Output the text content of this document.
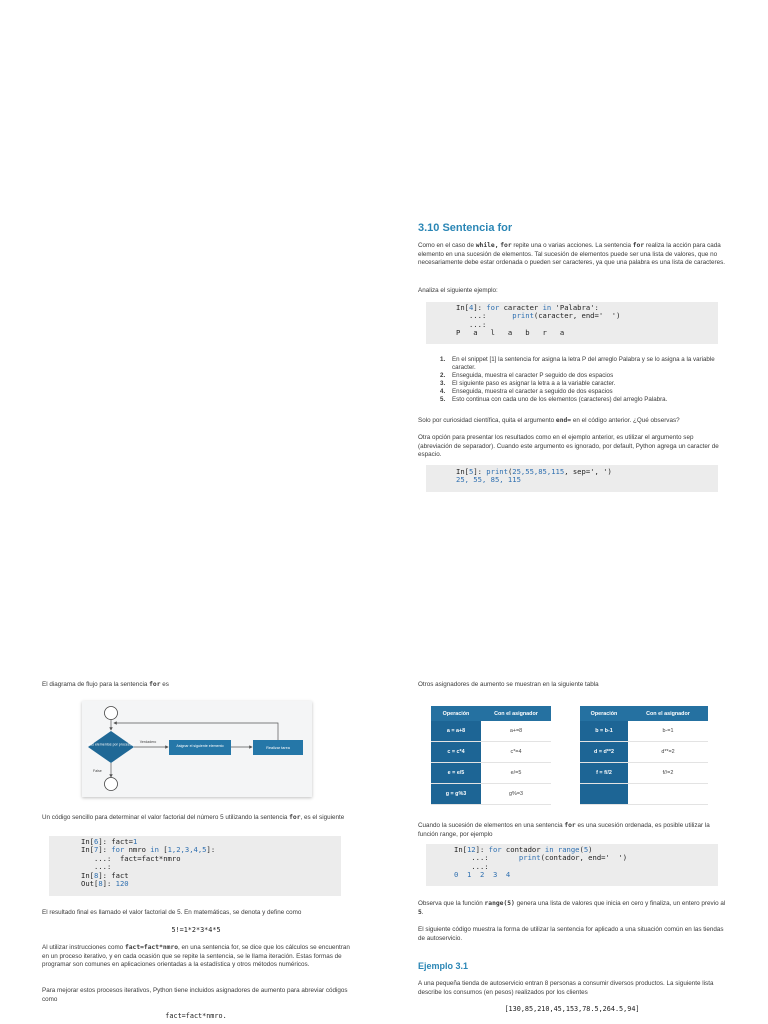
3.10 Sentencia for

Como en el caso de while, for repite una o varias acciones. La sentencia for realiza la acción para cada elemento en una sucesión de elementos. Tal sucesión de elementos puede ser una lista de valores, que no necesariamente debe estar ordenada o pueden ser caracteres, ya que una palabra es una lista de caracteres.

Analiza el siguiente ejemplo:

In[4]: for caracter in 'Palabra':
...:      print(caracter, end='  ')
...:
P   a   l   a   b   r   a
1. En el snippet [1] la sentencia for asigna la letra P del arreglo Palabra y se lo asigna a la variable caracter.
2. Enseguida, muestra el caracter P seguido de dos espacios
3. El siguiente paso es asignar la letra a a la variable caracter.
4. Enseguida, muestra el caracter a seguido de dos espacios
5. Esto continua con cada uno de los elementos (caracteres) del arreglo Palabra.

Solo por curiosidad científica, quita el argumento end= en el código anterior. ¿Qué observas?

Otra opción para presentar los resultados como en el ejemplo anterior, es utilizar el argumento sep (abreviación de separador). Cuando este argumento es ignorado, por default, Python agrega un caracter de espacio.

In[5]: print(25,55,85,115, sep=', ')
25, 55, 85, 115

El diagrama de flujo para la sentencia for es

Más elementos por procesar?
Verdadero
Asignar el siguiente elemento	Realizar tarea
False

Un código sencillo para determinar el valor factorial del número 5 utilizando la sentencia for, es el siguiente

In[6]: fact=1
In[7]: for nmro in [1,2,3,4,5]:
...:  fact=fact*nmro
...:
In[8]: fact
Out[8]: 120

El resultado final es llamado el valor factorial de 5. En matemáticas, se denota y define como

5!=1*2*3*4*5

Al utilizar instrucciones como fact=fact*nmro, en una sentencia for, se dice que los cálculos se encuentran en un proceso iterativo, y en cada ocasión que se repite la sentencia, se le llama iteración. Estas formas de programar son comunes en aplicaciones orientadas a la estadística y otros métodos numéricos.

Para mejorar estos procesos iterativos, Python tiene incluidos asignadores de aumento para abreviar códigos como

fact=fact*nmro.

Otros asignadores de aumento se muestran en la siguiente tabla

Operación	Con el asignador
a = a+8	a+=8
c = c*4	c*=4
e = e/5	e/=5
g = g%3	g%=3
Operación	Con el asignador
b = b-1	b-=1
d = d**2	d**=2
f = f//2	f//=2

Cuando la sucesión de elementos en una sentencia for es una sucesión ordenada, es posible utilizar la función range, por ejemplo

In[12]: for contador in range(5)
...:       print(contador, end='  ')
...:
0  1  2  3  4

Observa que la función range(5) genera una lista de valores que inicia en cero y finaliza, un entero previo al 5.

El siguiente código muestra la forma de utilizar la sentencia for aplicado a una situación común en las tiendas de autoservicio.

Ejemplo 3.1

A una pequeña tienda de autoservicio entran 8 personas a consumir diversos productos. La siguiente lista describe los consumos (en pesos) realizados por los clientes

[130,85,210,45,153,78.5,264.5,94]
